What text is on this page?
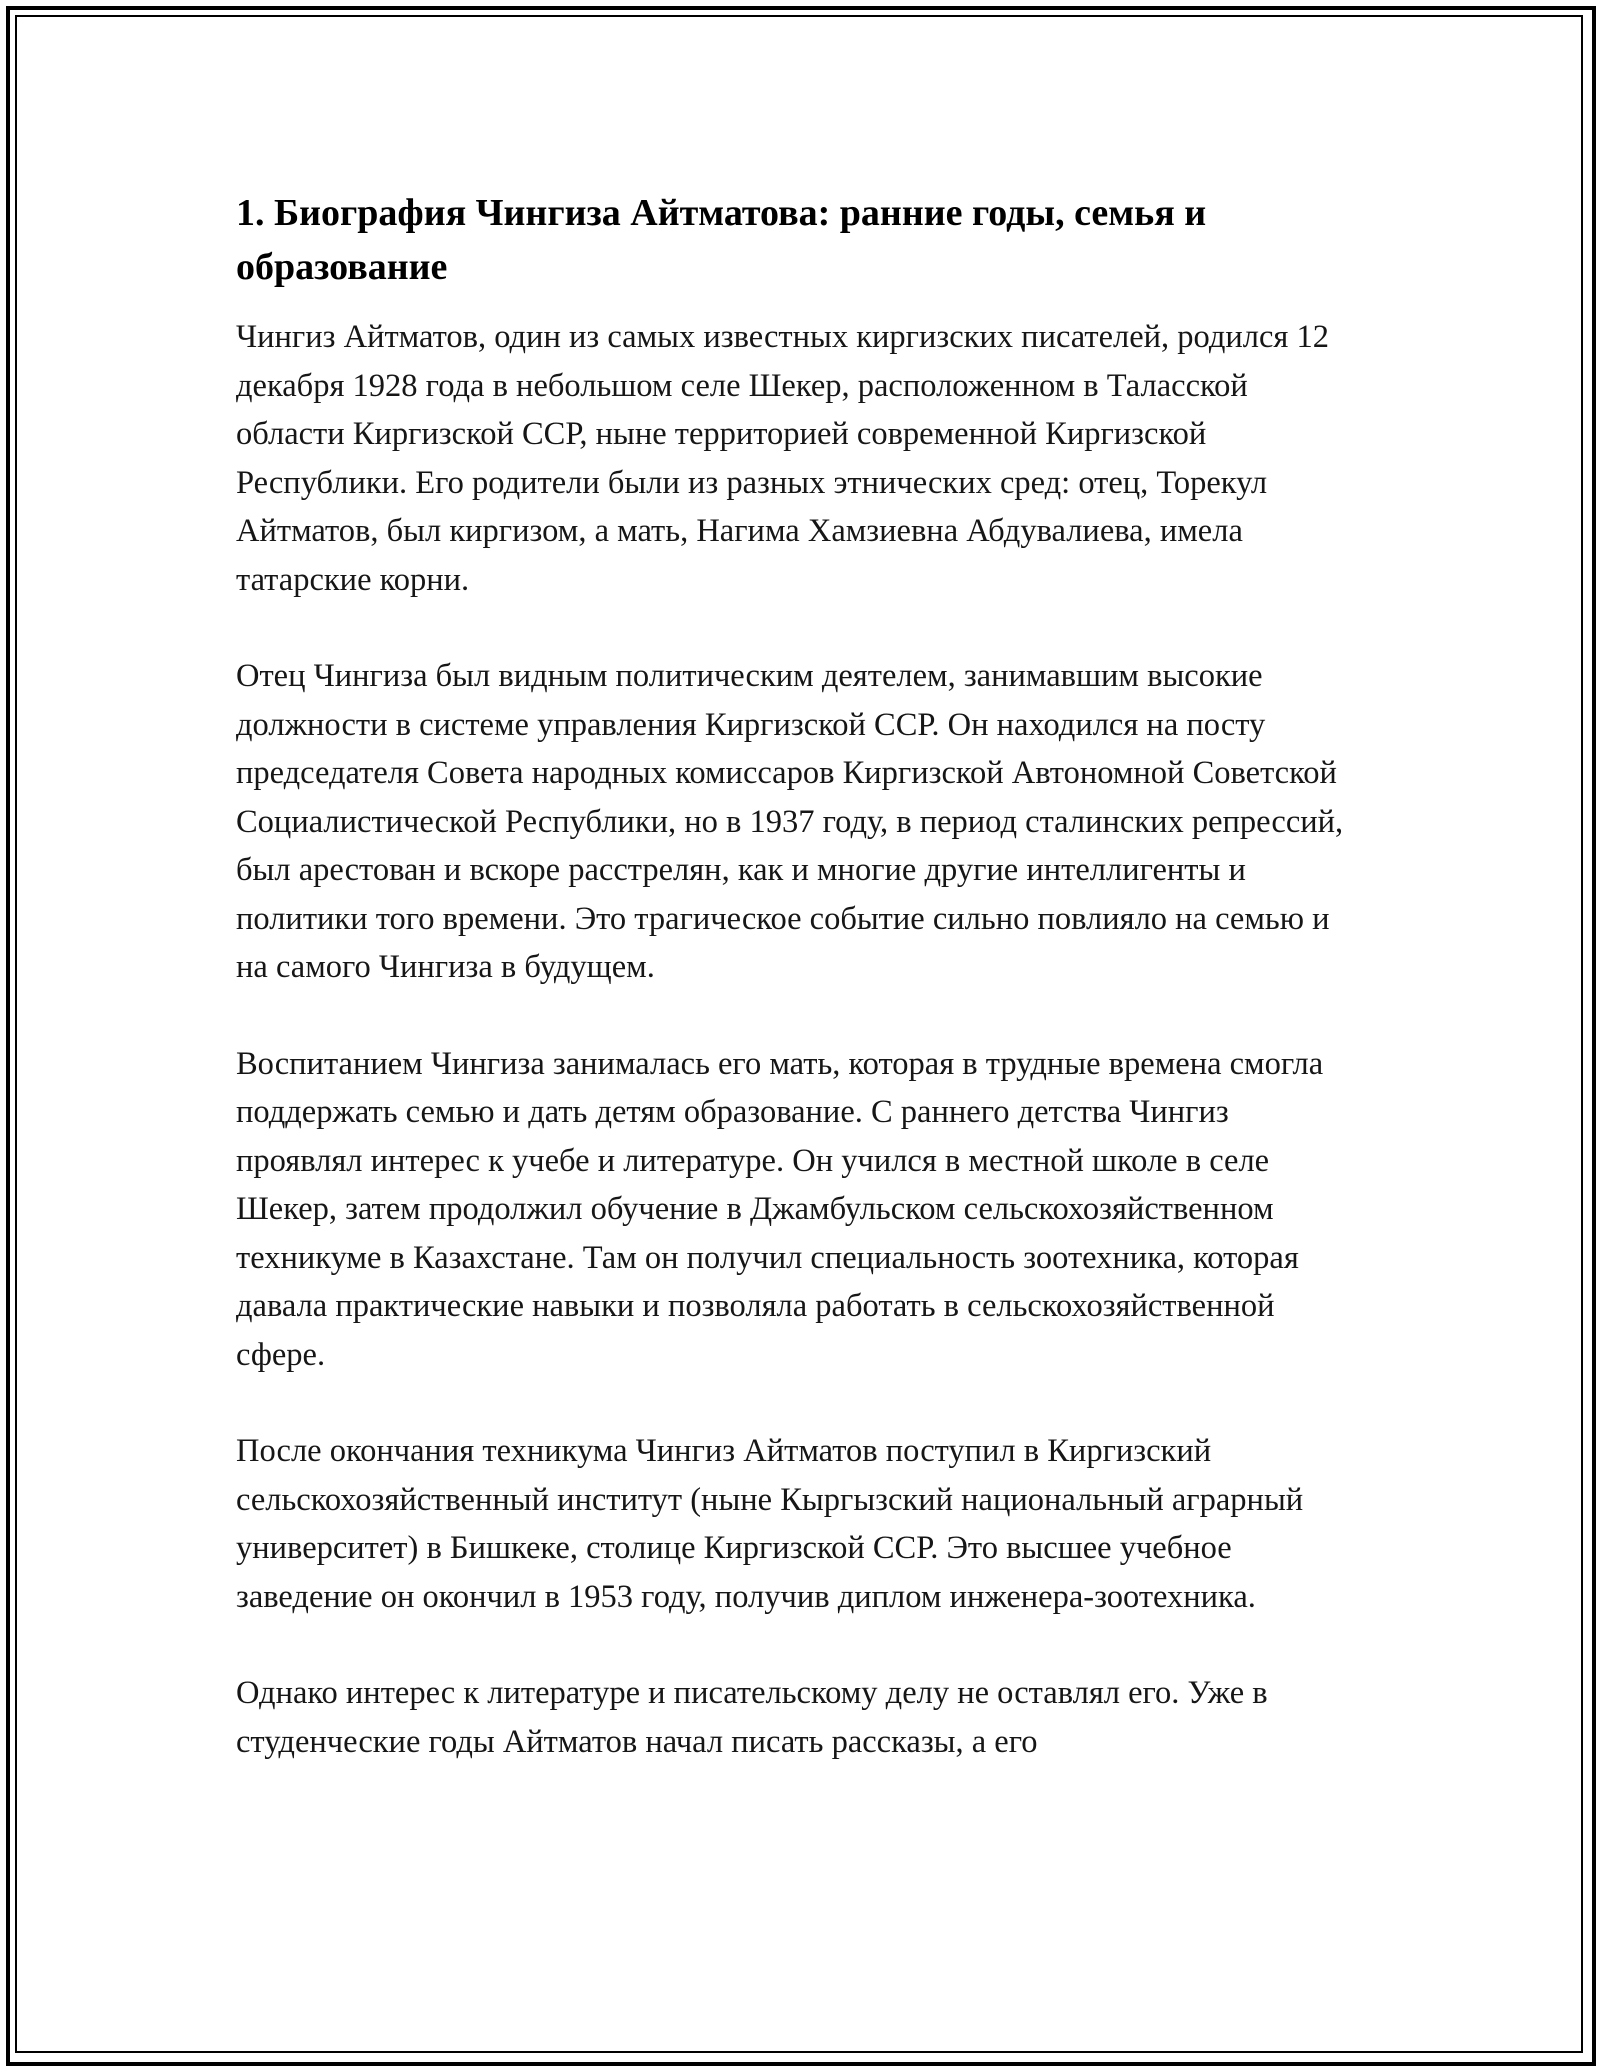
1. Биография Чингиза Айтматова: ранние годы, семья и образование

Чингиз Айтматов, один из самых известных киргизских писателей, родился 12 декабря 1928 года в небольшом селе Шекер, расположенном в Таласской области Киргизской ССР, ныне территорией современной Киргизской Республики. Его родители были из разных этнических сред: отец, Торекул Айтматов, был киргизом, а мать, Нагима Хамзиевна Абдувалиева, имела татарские корни.

Отец Чингиза был видным политическим деятелем, занимавшим высокие должности в системе управления Киргизской ССР. Он находился на посту председателя Совета народных комиссаров Киргизской Автономной Советской Социалистической Республики, но в 1937 году, в период сталинских репрессий, был арестован и вскоре расстрелян, как и многие другие интеллигенты и политики того времени. Это трагическое событие сильно повлияло на семью и на самого Чингиза в будущем.

Воспитанием Чингиза занималась его мать, которая в трудные времена смогла поддержать семью и дать детям образование. С раннего детства Чингиз проявлял интерес к учебе и литературе. Он учился в местной школе в селе Шекер, затем продолжил обучение в Джамбульском сельскохозяйственном техникуме в Казахстане. Там он получил специальность зоотехника, которая давала практические навыки и позволяла работать в сельскохозяйственной сфере.

После окончания техникума Чингиз Айтматов поступил в Киргизский сельскохозяйственный институт (ныне Кыргызский национальный аграрный университет) в Бишкеке, столице Киргизской ССР. Это высшее учебное заведение он окончил в 1953 году, получив диплом инженера-зоотехника.

Однако интерес к литературе и писательскому делу не оставлял его. Уже в студенческие годы Айтматов начал писать рассказы, а его
